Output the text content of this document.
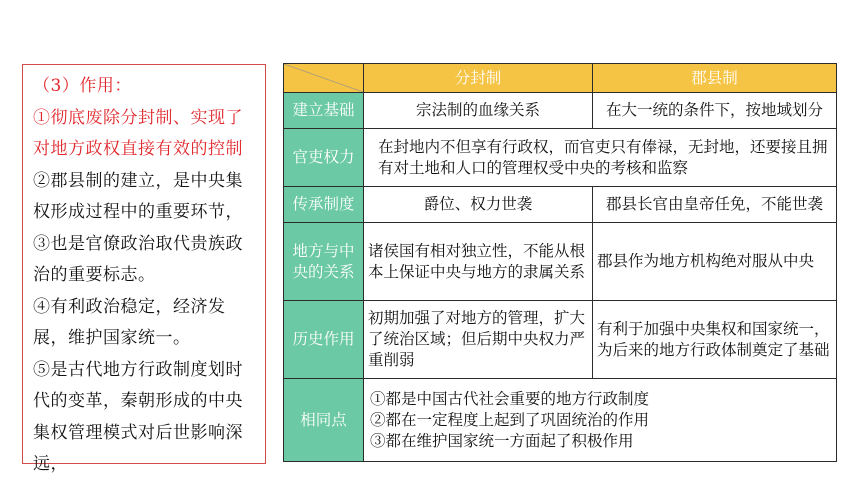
（3）作用：

①彻底废除分封制、实现了对地方政权直接有效的控制

②郡县制的建立，是中央集权形成过程中的重要环节，

③也是官僚政治取代贵族政治的重要标志。

④有利政治稳定，经济发展，维护国家统一。

⑤是古代地方行政制度划时代的变革，秦朝形成的中央集权管理模式对后世影响深远，

	分封制	郡县制
建立基础	宗法制的血缘关系	在大一统的条件下，按地域划分
官吏权力	在封地内不但享有行政权，而官吏只有俸禄，无封地，还要接且拥有对土地和人口的管理权受中央的考核和监察	
传承制度	爵位、权力世袭	郡县长官由皇帝任免，不能世袭
地方与中央的关系	诸侯国有相对独立性，不能从根本上保证中央与地方的隶属关系	郡县作为地方机构绝对服从中央
历史作用	初期加强了对地方的管理，扩大了统治区域；但后期中央权力严重削弱	有利于加强中央集权和国家统一，为后来的地方行政体制奠定了基础
相同点	①都是中国古代社会重要的地方行政制度
②都在一定程度上起到了巩固统治的作用
③都在维护国家统一方面起了积极作用	
